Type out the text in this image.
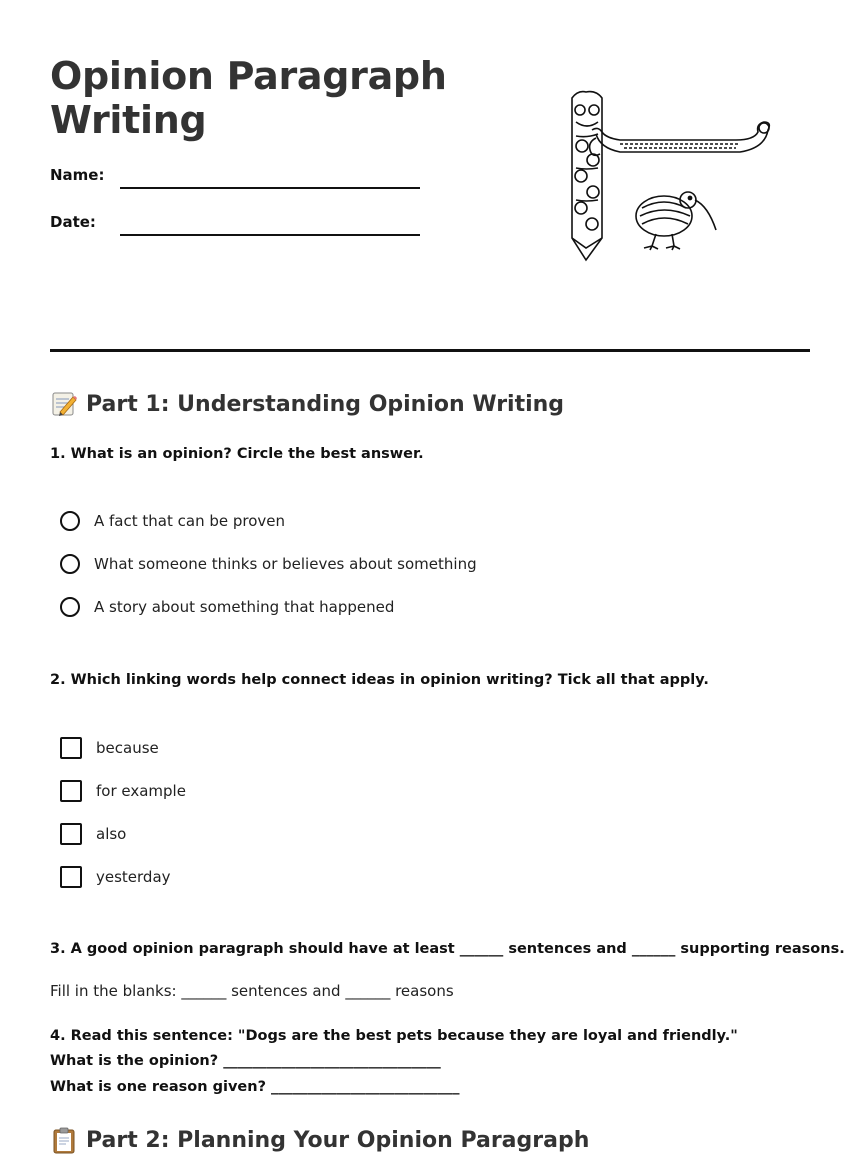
Opinion Paragraph
Writing
Name:
Date:
Part 1: Understanding Opinion Writing
1. What is an opinion? Circle the best answer.
A fact that can be proven
What someone thinks or believes about something
A story about something that happened
2. Which linking words help connect ideas in opinion writing? Tick all that apply.
because
for example
also
yesterday
3. A good opinion paragraph should have at least ______ sentences and ______ supporting reasons.
Fill in the blanks: ______ sentences and ______ reasons
4. Read this sentence: "Dogs are the best pets because they are loyal and friendly."
What is the opinion? ______________________________
What is one reason given? __________________________
Part 2: Planning Your Opinion Paragraph
